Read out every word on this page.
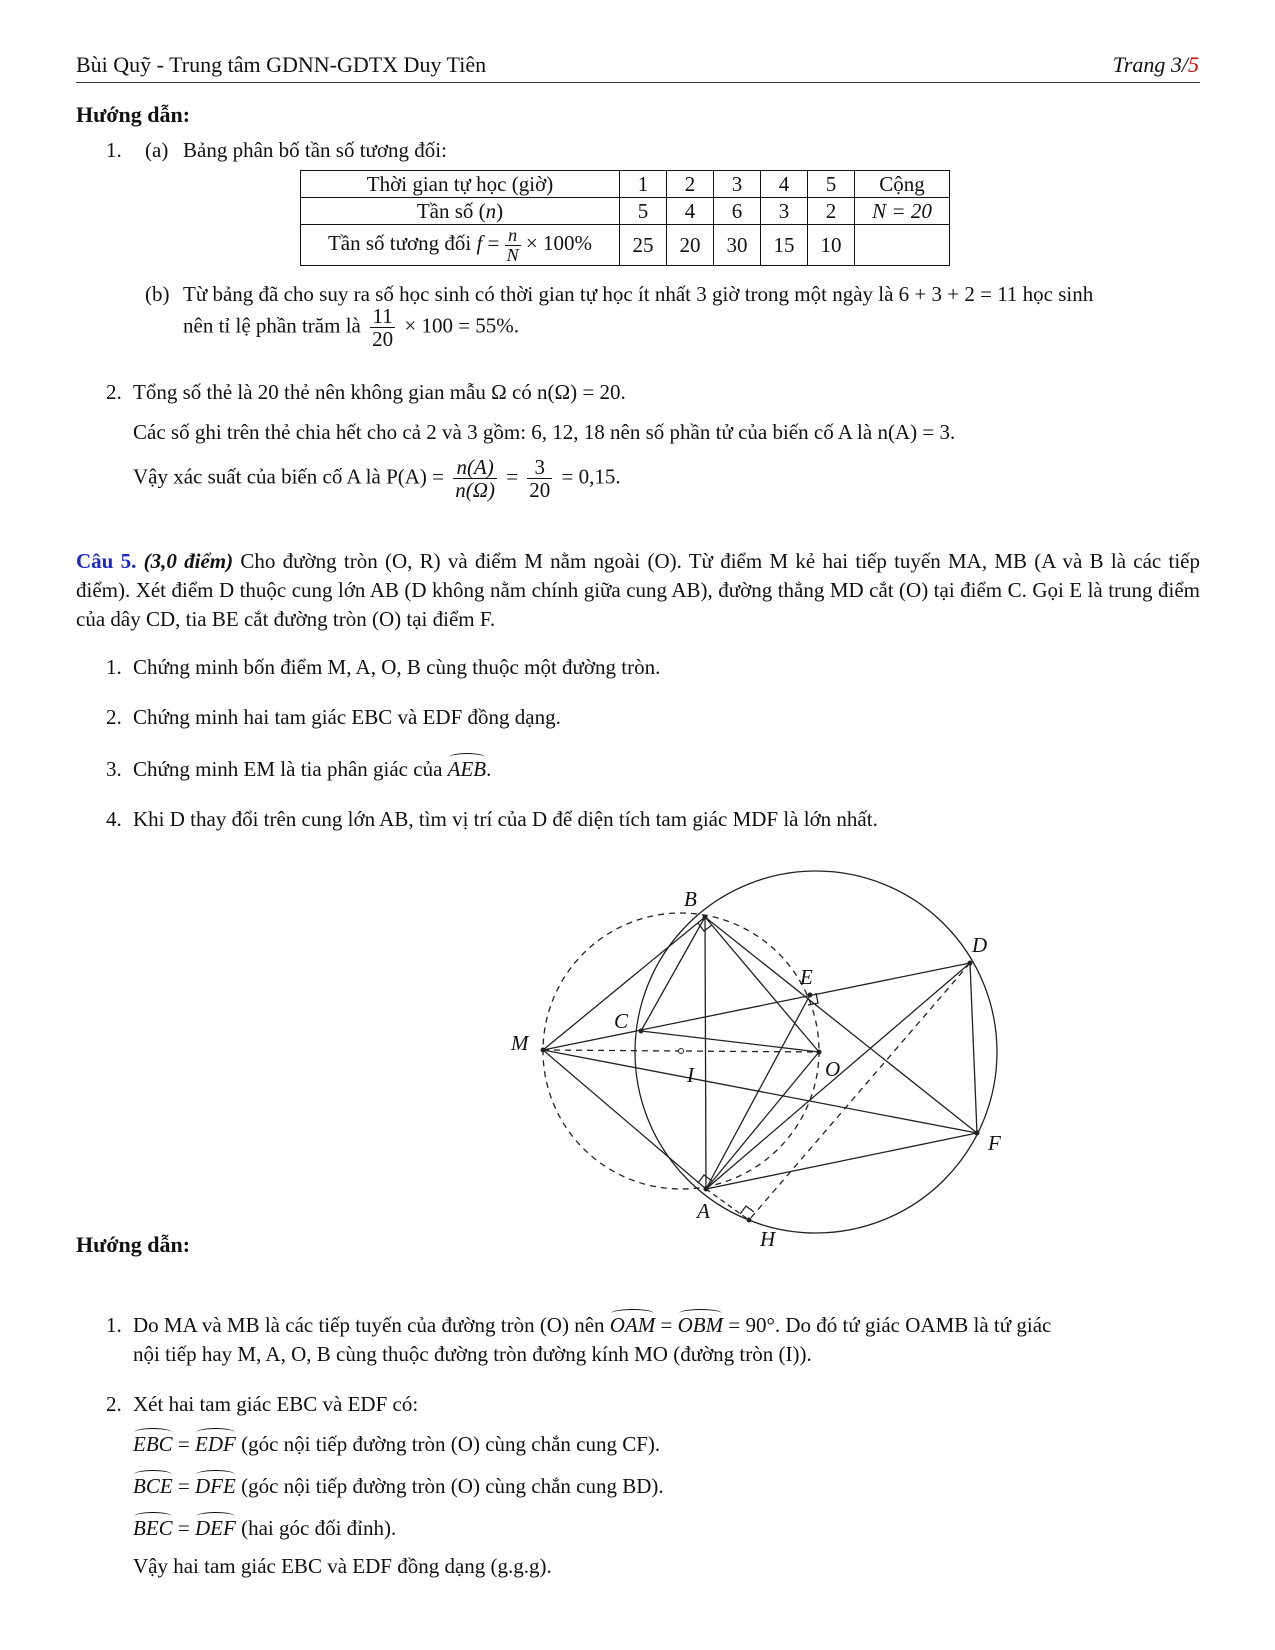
Bùi Quỹ - Trung tâm GDNN-GDTX Duy Tiên	Trang 3/5
Hướng dẫn:
1. (a) Bảng phân bố tần số tương đối:
Thời gian tự học (giờ)	1	2	3	4	5	Cộng
Tần số (n)	5	4	6	3	2	N = 20
Tần số tương đối $f = \frac{n}{N} \times 100\%$	25	20	30	15	10	
(b) Từ bảng đã cho suy ra số học sinh có thời gian tự học ít nhất 3 giờ trong một ngày là 6 + 3 + 2 = 11 học sinh
nên tỉ lệ phần trăm là $\frac{11}{20} \times 100 = 55\%$.
2. Tổng số thẻ là 20 thẻ nên không gian mẫu Ω có n(Ω) = 20.
Các số ghi trên thẻ chia hết cho cả 2 và 3 gồm: 6, 12, 18 nên số phần tử của biến cố A là n(A) = 3.
Vậy xác suất của biến cố A là $P(A) = \frac{n(A)}{n(\Omega)} = \frac{3}{20} = 0,15$.
Câu 5. (3,0 điểm) Cho đường tròn (O, R) và điểm M nằm ngoài (O). Từ điểm M kẻ hai tiếp tuyến MA, MB (A và B là các tiếp điểm). Xét điểm D thuộc cung lớn AB (D không nằm chính giữa cung AB), đường thẳng MD cắt (O) tại điểm C. Gọi E là trung điểm của dây CD, tia BE cắt đường tròn (O) tại điểm F.
1. Chứng minh bốn điểm M, A, O, B cùng thuộc một đường tròn.
2. Chứng minh hai tam giác EBC và EDF đồng dạng.
3. Chứng minh EM là tia phân giác của AEB.
4. Khi D thay đổi trên cung lớn AB, tìm vị trí của D để diện tích tam giác MDF là lớn nhất.
B
D
E
C
M
I	O
F
A
H
Hướng dẫn:
1. Do MA và MB là các tiếp tuyến của đường tròn (O) nên OAM = OBM = 90°. Do đó tứ giác OAMB là tứ giác
nội tiếp hay M, A, O, B cùng thuộc đường tròn đường kính MO (đường tròn (I)).
2. Xét hai tam giác EBC và EDF có:
EBC = EDF (góc nội tiếp đường tròn (O) cùng chắn cung CF).
BCE = DFE (góc nội tiếp đường tròn (O) cùng chắn cung BD).
BEC = DEF (hai góc đối đỉnh).
Vậy hai tam giác EBC và EDF đồng dạng (g.g.g).
